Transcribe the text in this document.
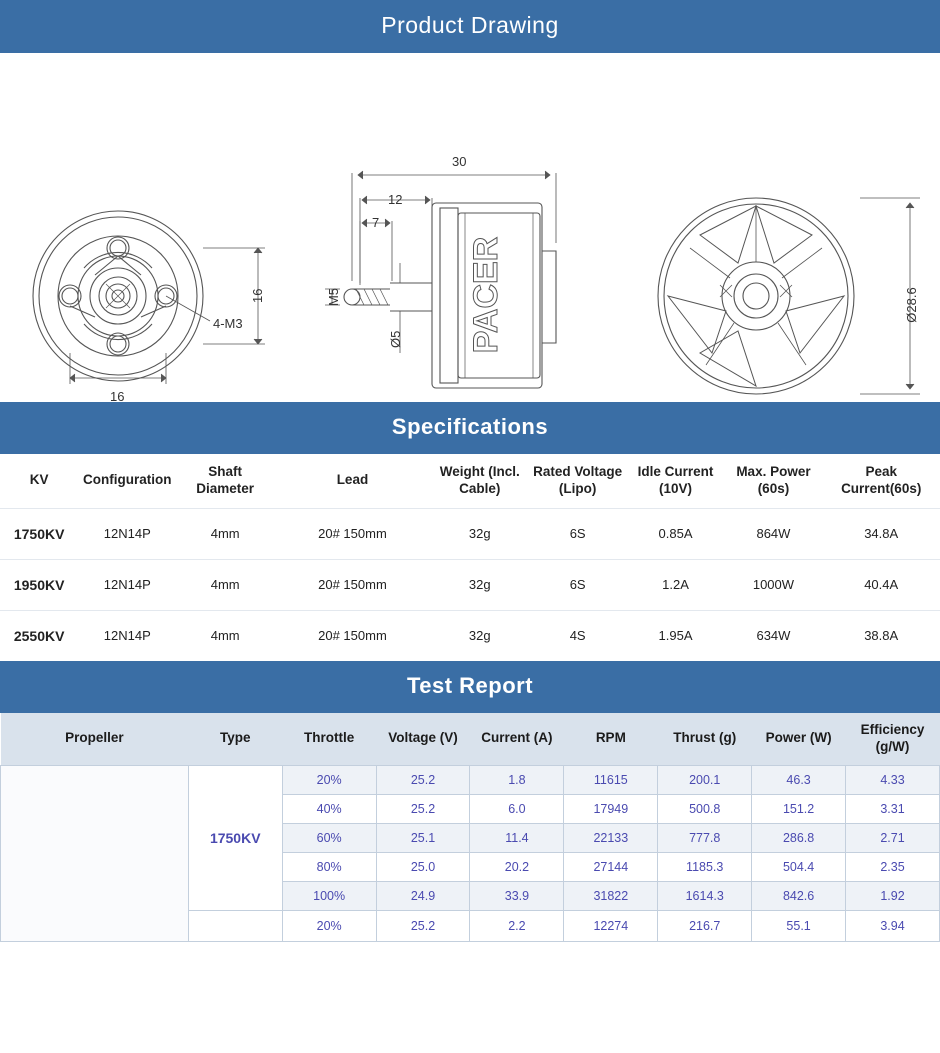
Product Drawing
16
16
4-M3	PACER
30
12
7
M5
Ø5
Ø28.6
Specifications
KV	Configuration	Shaft Diameter	Lead	Weight (Incl. Cable)	Rated Voltage (Lipo)	Idle Current (10V)	Max. Power (60s)	Peak Current(60s)
1750KV	12N14P	4mm	20# 150mm	32g	6S	0.85A	864W	34.8A
1950KV	12N14P	4mm	20# 150mm	32g	6S	1.2A	1000W	40.4A
2550KV	12N14P	4mm	20# 150mm	32g	4S	1.95A	634W	38.8A
Test Report
Propeller	Type	Throttle	Voltage (V)	Current (A)	RPM	Thrust (g)	Power (W)	Efficiency (g/W)
	1750KV	20%	25.2	1.8	11615	200.1	46.3	4.33
		40%	25.2	6.0	17949	500.8	151.2	3.31
		60%	25.1	11.4	22133	777.8	286.8	2.71
		80%	25.0	20.2	27144	1185.3	504.4	2.35
		100%	24.9	33.9	31822	1614.3	842.6	1.92
		20%	25.2	2.2	12274	216.7	55.1	3.94
